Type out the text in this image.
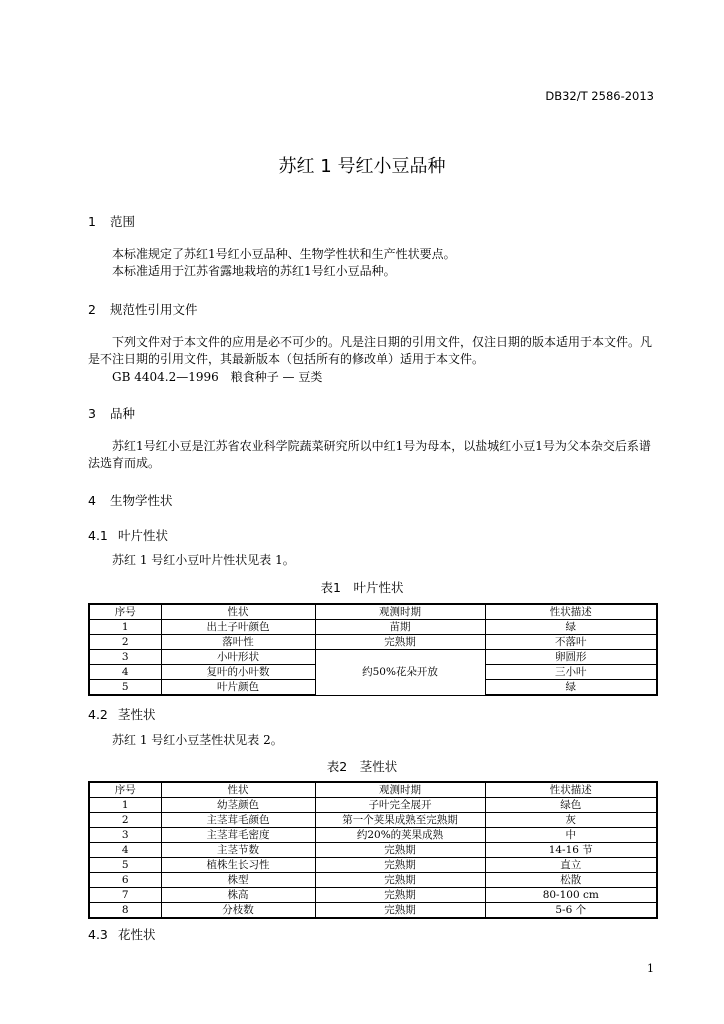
DB32/T 2586-2013
苏红 1 号红小豆品种
1 范围
本标准规定了苏红1号红小豆品种、生物学性状和生产性状要点。
本标准适用于江苏省露地栽培的苏红1号红小豆品种。
2 规范性引用文件
下列文件对于本文件的应用是必不可少的。凡是注日期的引用文件，仅注日期的版本适用于本文件。凡是不注日期的引用文件，其最新版本（包括所有的修改单）适用于本文件。
GB 4404.2—1996　粮食种子 — 豆类
3 品种
苏红1号红小豆是江苏省农业科学院蔬菜研究所以中红1号为母本，以盐城红小豆1号为父本杂交后系谱法选育而成。
4 生物学性状
4.1 叶片性状
苏红 1 号红小豆叶片性状见表 1。
表1　叶片性状
序号	性状	观测时期	性状描述
1	出土子叶颜色	苗期	绿
2	落叶性	完熟期	不落叶
3	小叶形状	约50%花朵开放	卵圆形
4	复叶的小叶数		三小叶
5	叶片颜色		绿
4.2 茎性状
苏红 1 号红小豆茎性状见表 2。
表2　茎性状
序号	性状	观测时期	性状描述
1	幼茎颜色	子叶完全展开	绿色
2	主茎茸毛颜色	第一个荚果成熟至完熟期	灰
3	主茎茸毛密度	约20%的荚果成熟	中
4	主茎节数	完熟期	14-16 节
5	植株生长习性	完熟期	直立
6	株型	完熟期	松散
7	株高	完熟期	80-100 cm
8	分枝数	完熟期	5-6 个
4.3 花性状
1
